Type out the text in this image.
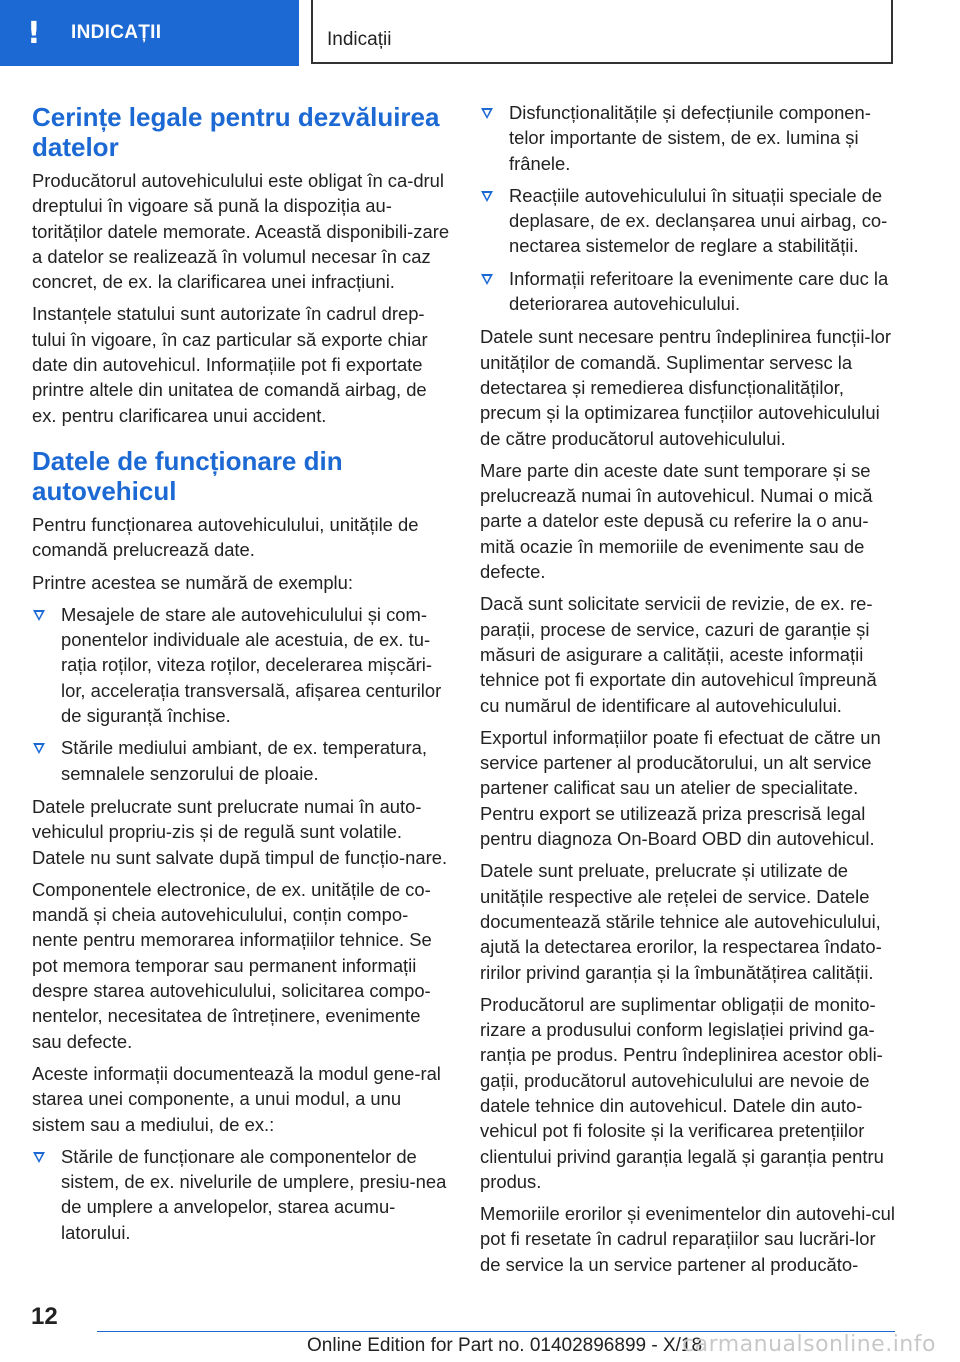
!	INDICAȚII	Indicații
Cerințe legale pentru dezvăluirea datelor

Producătorul autovehiculului este obligat în ca-drul dreptului în vigoare să pună la dispoziția au-torităților datele memorate. Această disponibili-zare a datelor se realizează în volumul necesar în caz concret, de ex. la clarificarea unei infracțiuni.

Instanțele statului sunt autorizate în cadrul drep-tului în vigoare, în caz particular să exporte chiar date din autovehicul. Informațiile pot fi exportate printre altele din unitatea de comandă airbag, de ex. pentru clarificarea unui accident.

Datele de funcționare din autovehicul

Pentru funcționarea autovehiculului, unitățile de comandă prelucrează date.

Printre acestea se numără de exemplu:

Mesajele de stare ale autovehiculului și com-ponentelor individuale ale acestuia, de ex. tu-rația roților, viteza roților, decelerarea mișcări-lor, accelerația transversală, afișarea centurilor de siguranță închise.
Stările mediului ambiant, de ex. temperatura, semnalele senzorului de ploaie.

Datele prelucrate sunt prelucrate numai în auto-vehiculul propriu-zis și de regulă sunt volatile. Datele nu sunt salvate după timpul de funcțio-nare.

Componentele electronice, de ex. unitățile de co-mandă și cheia autovehiculului, conțin compo-nente pentru memorarea informațiilor tehnice. Se pot memora temporar sau permanent informații despre starea autovehiculului, solicitarea compo-nentelor, necesitatea de întreținere, evenimente sau defecte.

Aceste informații documentează la modul gene-ral starea unei componente, a unui modul, a unu sistem sau a mediului, de ex.:

Stările de funcționare ale componentelor de sistem, de ex. nivelurile de umplere, presiu-nea de umplere a anvelopelor, starea acumu-latorului.
Disfuncționalitățile și defecțiunile componen-telor importante de sistem, de ex. lumina și frânele.
Reacțiile autovehiculului în situații speciale de deplasare, de ex. declanșarea unui airbag, co-nectarea sistemelor de reglare a stabilității.
Informații referitoare la evenimente care duc la deteriorarea autovehiculului.

Datele sunt necesare pentru îndeplinirea funcții-lor unităților de comandă. Suplimentar servesc la detectarea și remedierea disfuncționalităților, precum și la optimizarea funcțiilor autovehiculului de către producătorul autovehiculului.

Mare parte din aceste date sunt temporare și se prelucrează numai în autovehicul. Numai o mică parte a datelor este depusă cu referire la o anu-mită ocazie în memoriile de evenimente sau de defecte.

Dacă sunt solicitate servicii de revizie, de ex. re-parații, procese de service, cazuri de garanție și măsuri de asigurare a calității, aceste informații tehnice pot fi exportate din autovehicul împreună cu numărul de identificare al autovehiculului.

Exportul informațiilor poate fi efectuat de către un service partener al producătorului, un alt service partener calificat sau un atelier de specialitate. Pentru export se utilizează priza prescrisă legal pentru diagnoza On-Board OBD din autovehicul.

Datele sunt preluate, prelucrate și utilizate de unitățile respective ale rețelei de service. Datele documentează stările tehnice ale autovehiculului, ajută la detectarea erorilor, la respectarea îndato-ririlor privind garanția și la îmbunătățirea calității.

Producătorul are suplimentar obligații de monito-rizare a produsului conform legislației privind ga-ranția pe produs. Pentru îndeplinirea acestor obli-gații, producătorul autovehiculului are nevoie de datele tehnice din autovehicul. Datele din auto-vehicul pot fi folosite și la verificarea pretențiilor clientului privind garanția legală și garanția pentru produs.

Memoriile erorilor și evenimentelor din autovehi-cul pot fi resetate în cadrul reparațiilor sau lucrări-lor de service la un service partener al producăto-

12
Online Edition for Part no. 01402896899 - X/18
carmanualsonline.info
